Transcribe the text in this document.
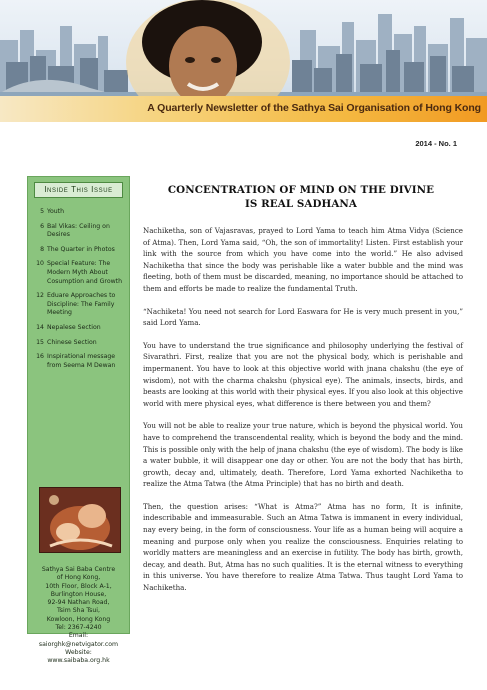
A Quarterly Newsletter of the Sathya Sai Organisation of Hong Kong
2014 - No. 1
Inside This Issue
5 Youth
6 Bal Vikas: Ceiling on Desires
8 The Quarter in Photos
10 Special Feature: The Modern Myth About Cosumption and Growth
12 Eduare Approaches to Discipline: The Family Meeting
14 Nepalese Section
15 Chinese Section
16 Inspirational message from Seema M Dewan
Sathya Sai Baba Centre
of Hong Kong,
10th Floor, Block A-1,
Burlington House,
92-94 Nathan Road,
Tsim Sha Tsui,
Kowloon, Hong Kong
Tel: 2367-4240
Email:
saiorghk@netvigator.com
Website:
www.saibaba.org.hk
CONCENTRATION OF MIND ON THE DIVINE
IS REAL SADHANA

Nachiketha, son of Vajasravas, prayed to Lord Yama to teach him Atma Vidya (Science of Atma). Then, Lord Yama said, “Oh, the son of immortality! Listen. First establish your link with the source from which you have come into the world.” He also advised Nachiketha that since the body was perishable like a water bubble and the mind was fleeting, both of them must be discarded, meaning, no importance should be attached to them and efforts be made to realize the fundamental Truth.

“Nachiketa! You need not search for Lord Easwara for He is very much present in you,” said Lord Yama.

You have to understand the true significance and philosophy underlying the festival of Sivarathri. First, realize that you are not the physical body, which is perishable and impermanent. You have to look at this objective world with jnana chakshu (the eye of wisdom), not with the charma chakshu (physical eye). The animals, insects, birds, and beasts are looking at this world with their physical eyes. If you also look at this objective world with mere physical eyes, what difference is there between you and them?

You will not be able to realize your true nature, which is beyond the physical world. You have to comprehend the transcendental reality, which is beyond the body and the mind. This is possible only with the help of jnana chakshu (the eye of wisdom). The body is like a water bubble, it will disappear one day or other. You are not the body that has birth, growth, decay and, ultimately, death. Therefore, Lord Yama exhorted Nachiketha to realize the Atma Tatwa (the Atma Principle) that has no birth and death.

Then, the question arises: “What is Atma?” Atma has no form, It is infinite, indescribable and immeasurable. Such an Atma Tatwa is immanent in every individual, nay every being, in the form of consciousness. Your life as a human being will acquire a meaning and purpose only when you realize the consciousness. Enquiries relating to worldly matters are meaningless and an exercise in futility. The body has birth, growth, decay, and death. But, Atma has no such qualities. It is the eternal witness to everything in this universe. You have therefore to realize Atma Tatwa. Thus taught Lord Yama to Nachiketha.
